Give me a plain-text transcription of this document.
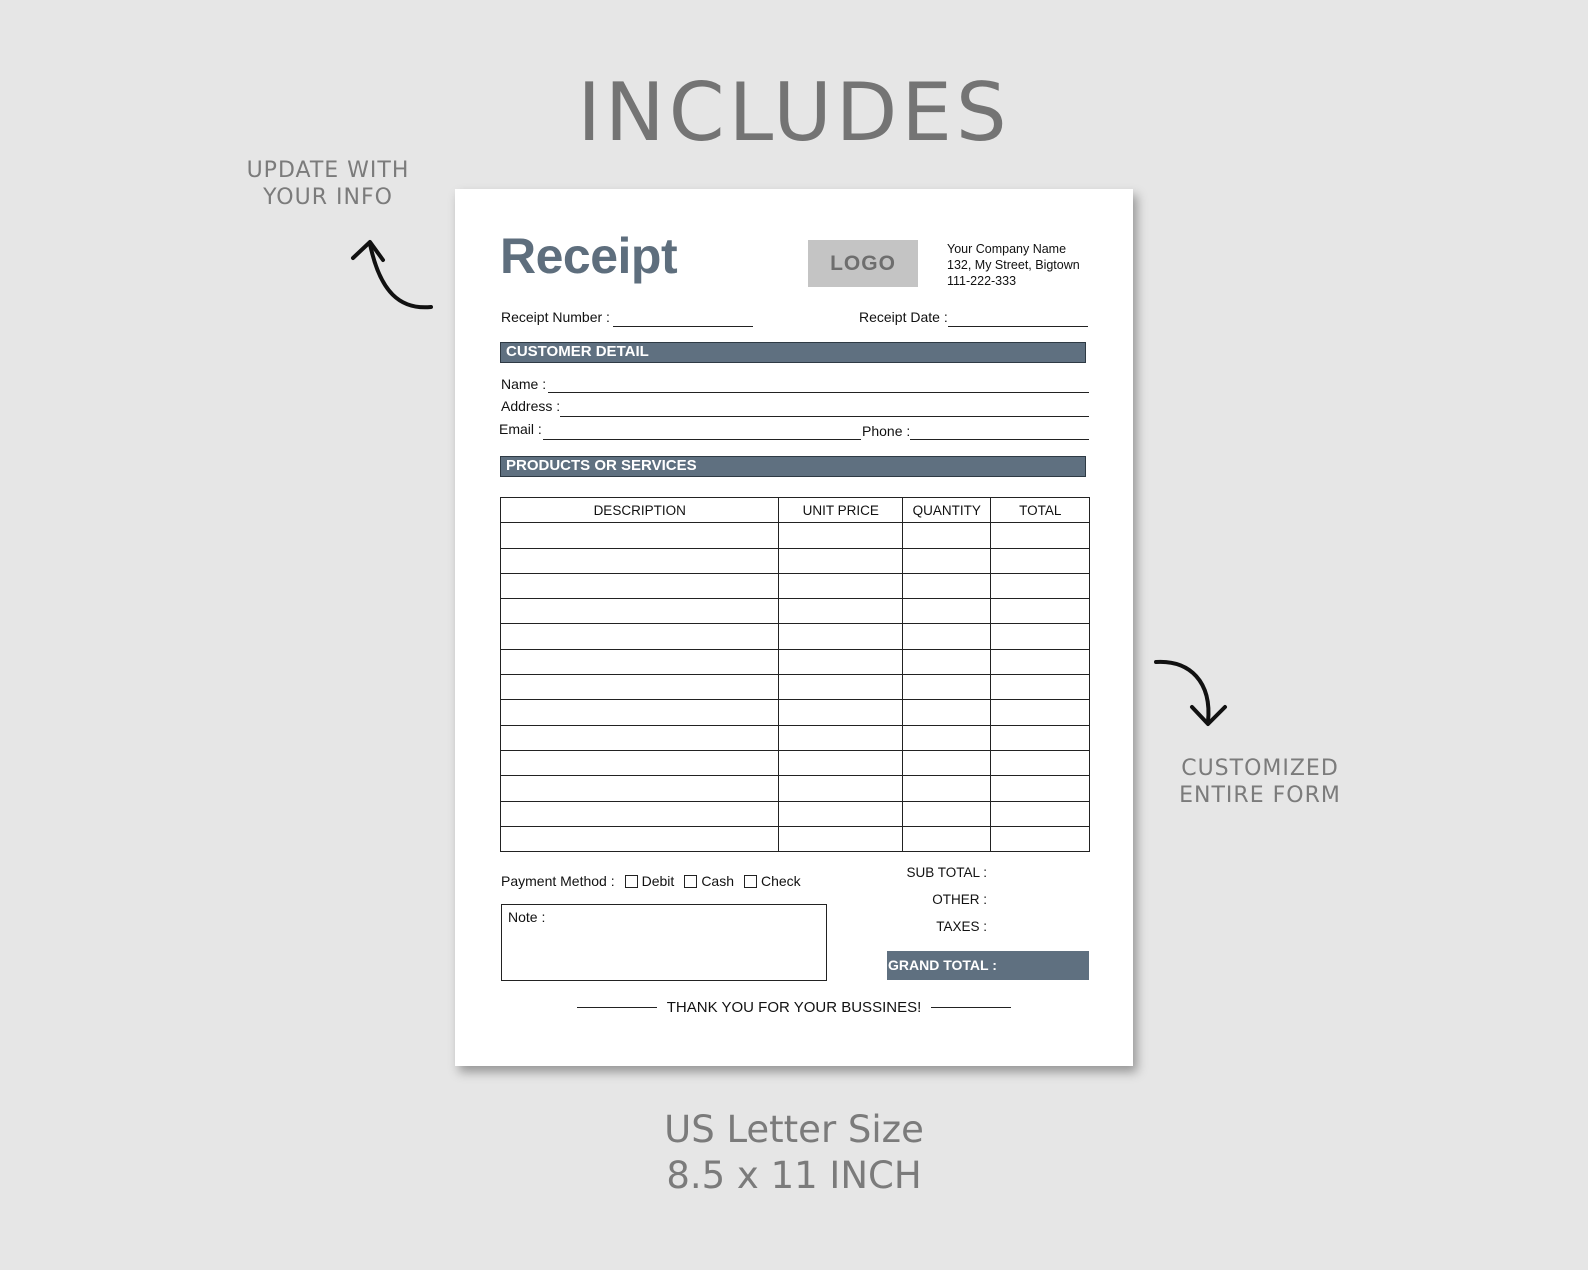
INCLUDES
UPDATE WITH
YOUR INFO
CUSTOMIZED
ENTIRE FORM
Receipt	LOGO
Your Company Name
132, My Street, Bigtown
111-222-333
Receipt Number :	Receipt Date :
CUSTOMER DETAIL
Name :
Address :
Email :	Phone :
PRODUCTS OR SERVICES
DESCRIPTION	UNIT PRICE	QUANTITY	TOTAL

Payment Method : Debit Cash Check
Note :
SUB TOTAL :
OTHER :
TAXES :
GRAND TOTAL :
THANK YOU FOR YOUR BUSSINES!
US Letter Size
8.5 x 11 INCH
